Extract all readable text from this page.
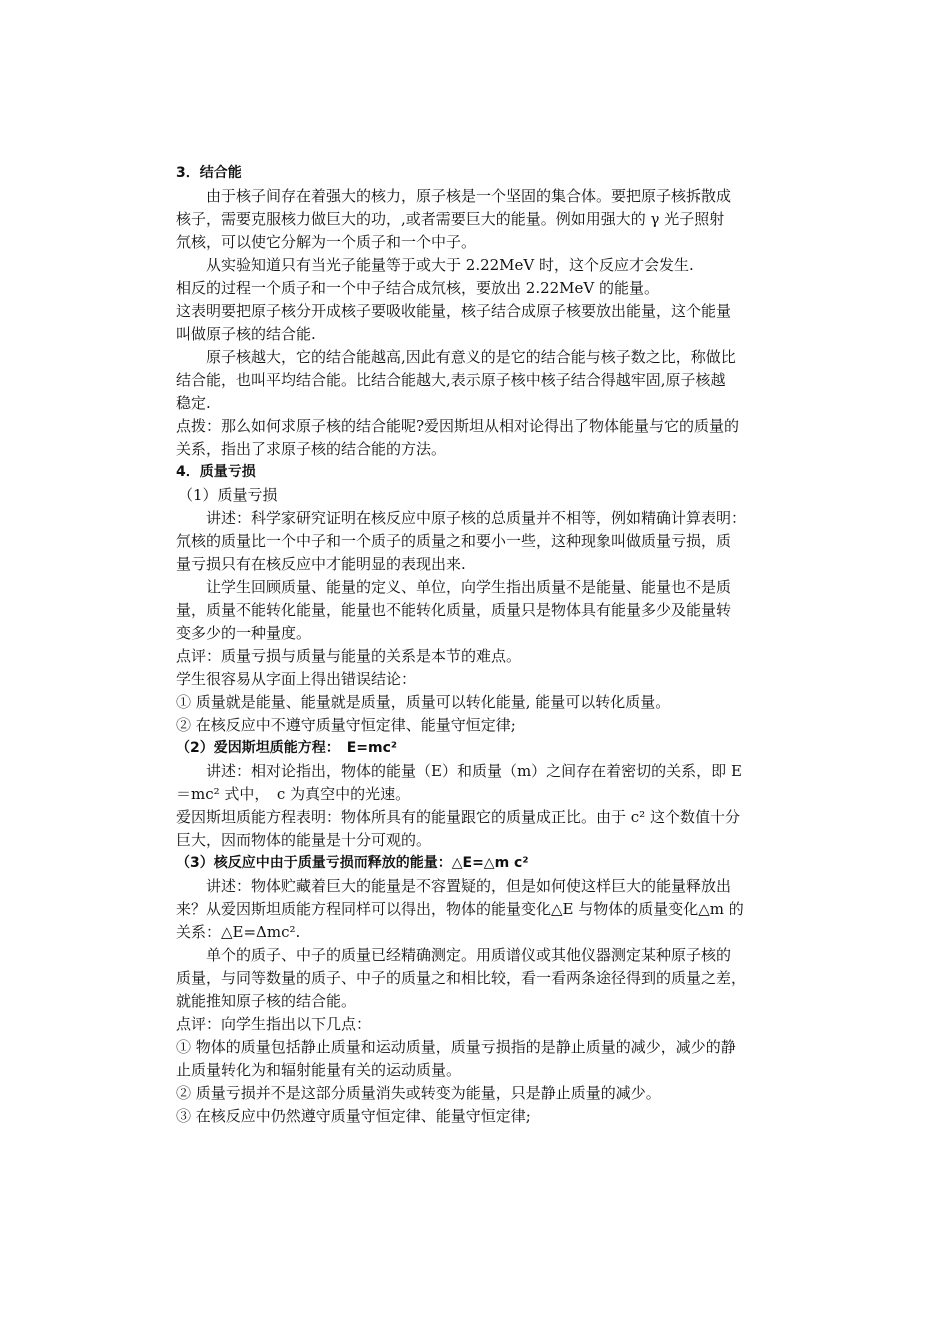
3．结合能
由于核子间存在着强大的核力，原子核是一个坚固的集合体。要把原子核拆散成
核子，需要克服核力做巨大的功，,或者需要巨大的能量。例如用强大的 γ 光子照射
氘核，可以使它分解为一个质子和一个中子。
从实验知道只有当光子能量等于或大于 2.22MeV 时，这个反应才会发生.
相反的过程一个质子和一个中子结合成氘核，要放出 2.22MeV 的能量。
这表明要把原子核分开成核子要吸收能量，核子结合成原子核要放出能量，这个能量
叫做原子核的结合能.
原子核越大，它的结合能越高,因此有意义的是它的结合能与核子数之比，称做比
结合能，也叫平均结合能。比结合能越大,表示原子核中核子结合得越牢固,原子核越
稳定.
点拨：那么如何求原子核的结合能呢?爱因斯坦从相对论得出了物体能量与它的质量的
关系，指出了求原子核的结合能的方法。
4．质量亏损
（1）质量亏损
讲述：科学家研究证明在核反应中原子核的总质量并不相等，例如精确计算表明：
氘核的质量比一个中子和一个质子的质量之和要小一些，这种现象叫做质量亏损，质
量亏损只有在核反应中才能明显的表现出来.
让学生回顾质量、能量的定义、单位，向学生指出质量不是能量、能量也不是质
量，质量不能转化能量，能量也不能转化质量，质量只是物体具有能量多少及能量转
变多少的一种量度。
点评：质量亏损与质量与能量的关系是本节的难点。
学生很容易从字面上得出错误结论：
① 质量就是能量、能量就是质量，质量可以转化能量, 能量可以转化质量。
② 在核反应中不遵守质量守恒定律、能量守恒定律;
（2）爱因斯坦质能方程：　E=mc²
讲述：相对论指出，物体的能量（E）和质量（m）之间存在着密切的关系，即 E
＝mc² 式中，　c 为真空中的光速。
爱因斯坦质能方程表明：物体所具有的能量跟它的质量成正比。由于 c² 这个数值十分
巨大，因而物体的能量是十分可观的。
（3）核反应中由于质量亏损而释放的能量：△E=△m c²
讲述：物体贮藏着巨大的能量是不容置疑的，但是如何使这样巨大的能量释放出
来？从爱因斯坦质能方程同样可以得出，物体的能量变化△E 与物体的质量变化△m 的
关系：△E=Δmc².
单个的质子、中子的质量已经精确测定。用质谱仪或其他仪器测定某种原子核的
质量，与同等数量的质子、中子的质量之和相比较，看一看两条途径得到的质量之差，
就能推知原子核的结合能。
点评：向学生指出以下几点：
① 物体的质量包括静止质量和运动质量，质量亏损指的是静止质量的减少，减少的静
止质量转化为和辐射能量有关的运动质量。
② 质量亏损并不是这部分质量消失或转变为能量，只是静止质量的减少。
③ 在核反应中仍然遵守质量守恒定律、能量守恒定律;
